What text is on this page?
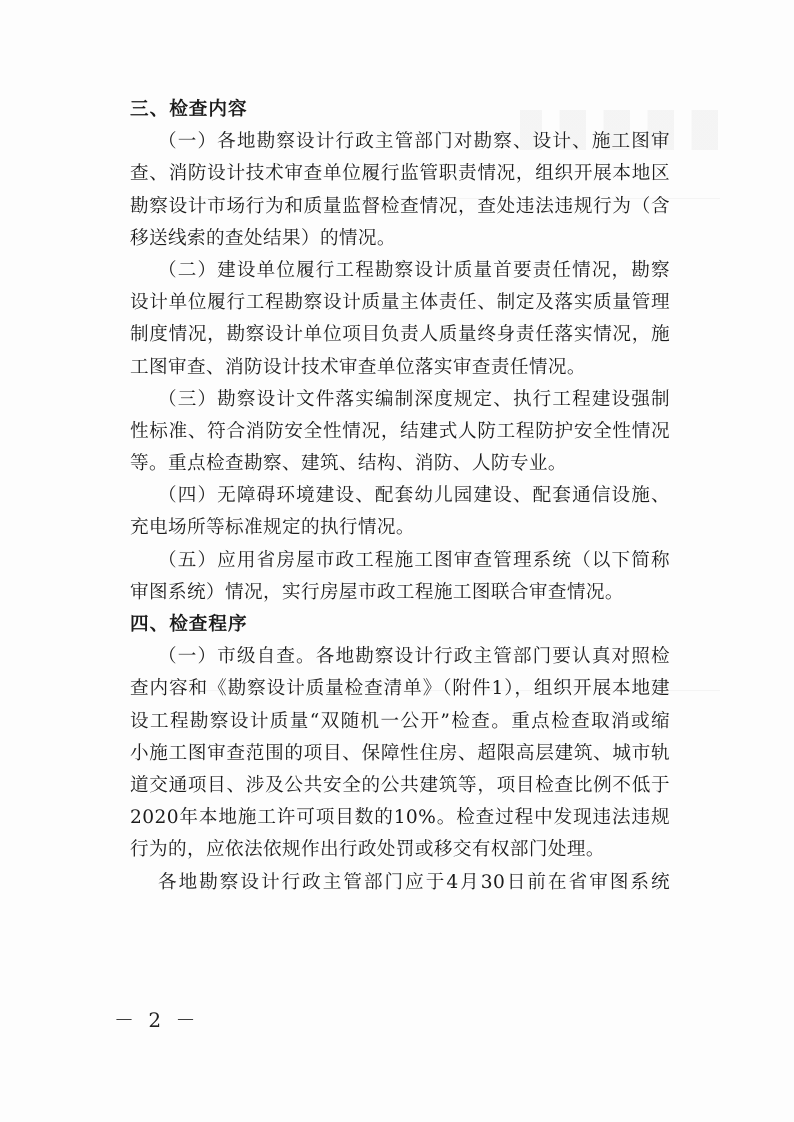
三、检查内容
（一）各地勘察设计行政主管部门对勘察、设计、施工图审
查、消防设计技术审查单位履行监管职责情况，组织开展本地区
勘察设计市场行为和质量监督检查情况，查处违法违规行为（含
移送线索的查处结果）的情况。
（二）建设单位履行工程勘察设计质量首要责任情况，勘察
设计单位履行工程勘察设计质量主体责任、制定及落实质量管理
制度情况，勘察设计单位项目负责人质量终身责任落实情况，施
工图审查、消防设计技术审查单位落实审查责任情况。
（三）勘察设计文件落实编制深度规定、执行工程建设强制
性标准、符合消防安全性情况，结建式人防工程防护安全性情况
等。重点检查勘察、建筑、结构、消防、人防专业。
（四）无障碍环境建设、配套幼儿园建设、配套通信设施、
充电场所等标准规定的执行情况。
（五）应用省房屋市政工程施工图审查管理系统（以下简称
审图系统）情况，实行房屋市政工程施工图联合审查情况。
四、检查程序
（一）市级自查。各地勘察设计行政主管部门要认真对照检
查内容和《勘察设计质量检查清单》（附件1），组织开展本地建
设工程勘察设计质量“双随机一公开”检查。重点检查取消或缩
小施工图审查范围的项目、保障性住房、超限高层建筑、城市轨
道交通项目、涉及公共安全的公共建筑等，项目检查比例不低于
2020年本地施工许可项目数的10%。检查过程中发现违法违规
行为的，应依法依规作出行政处罚或移交有权部门处理。
各地勘察设计行政主管部门应于4月30日前在省审图系统
－ 2 －
